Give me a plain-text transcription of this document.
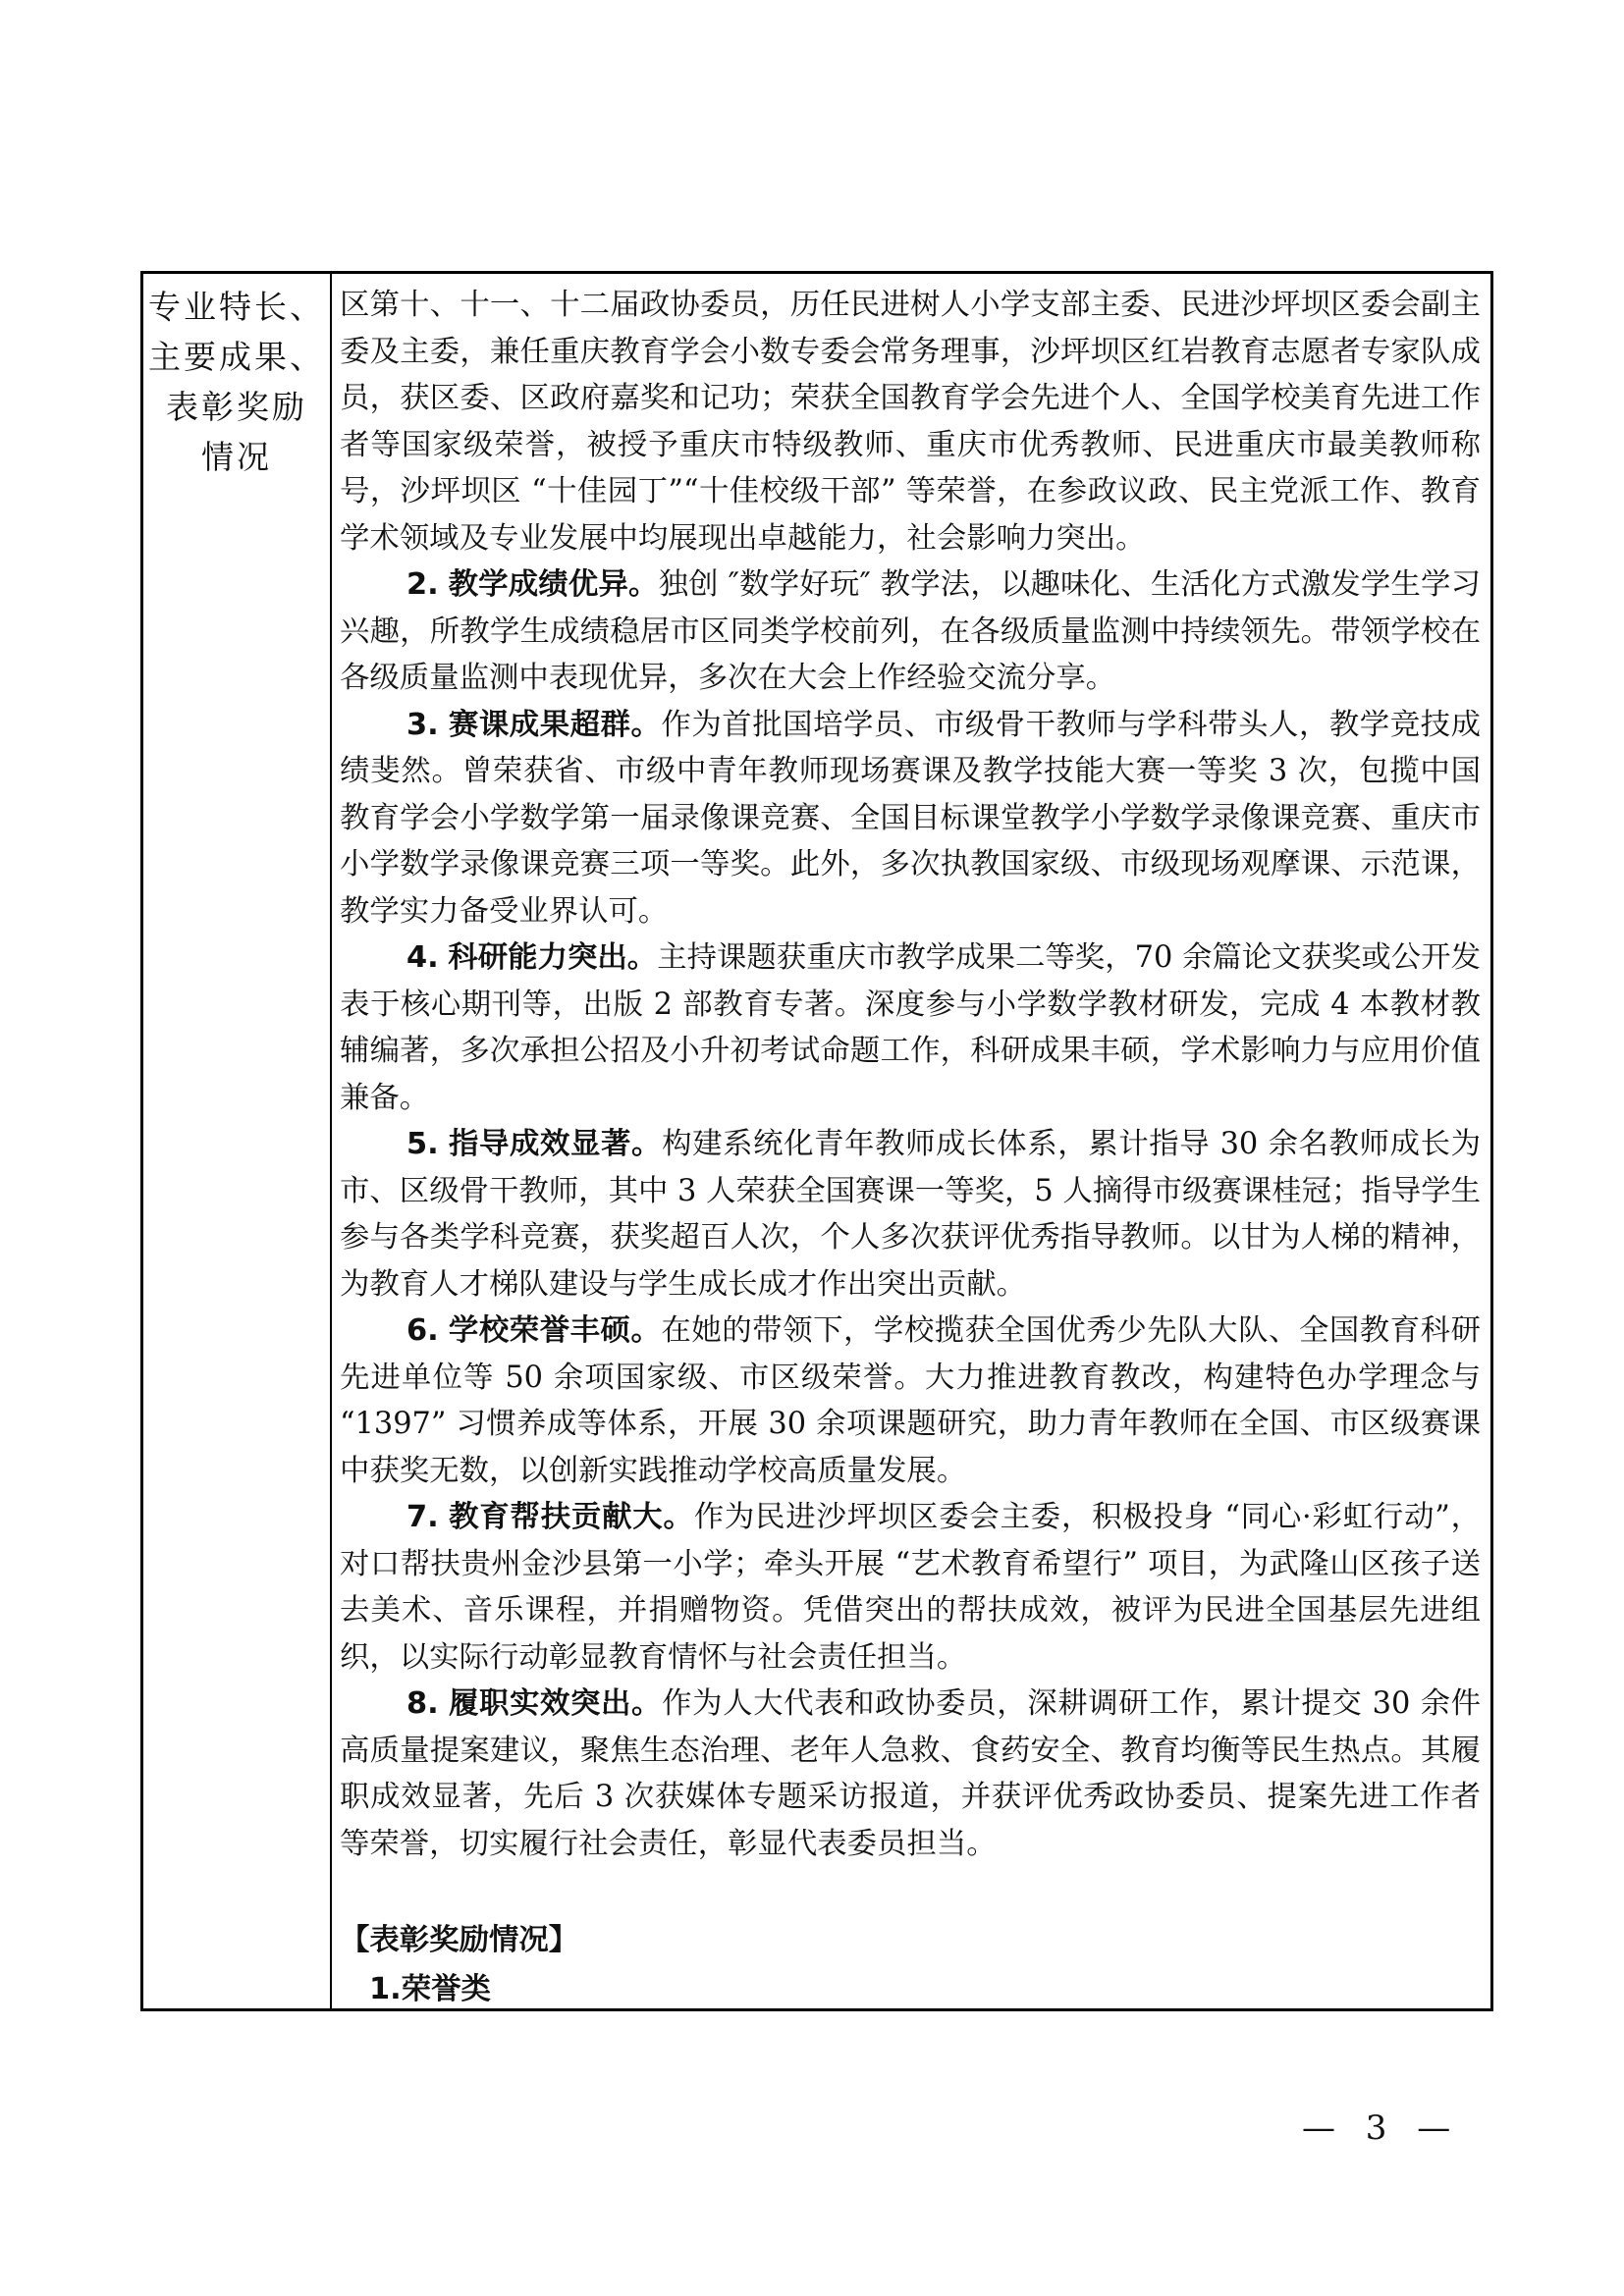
专业特长、
主要成果、
表彰奖励
情况

区第十、十一、十二届政协委员，历任民进树人小学支部主委、民进沙坪坝区委会副主委及主委，兼任重庆教育学会小数专委会常务理事，沙坪坝区红岩教育志愿者专家队成员，获区委、区政府嘉奖和记功；荣获全国教育学会先进个人、全国学校美育先进工作者等国家级荣誉，被授予重庆市特级教师、重庆市优秀教师、民进重庆市最美教师称号，沙坪坝区 “十佳园丁”“十佳校级干部” 等荣誉，在参政议政、民主党派工作、教育学术领域及专业发展中均展现出卓越能力，社会影响力突出。

2. 教学成绩优异。独创 ″数学好玩″ 教学法，以趣味化、生活化方式激发学生学习兴趣，所教学生成绩稳居市区同类学校前列，在各级质量监测中持续领先。带领学校在各级质量监测中表现优异，多次在大会上作经验交流分享。

3. 赛课成果超群。作为首批国培学员、市级骨干教师与学科带头人，教学竞技成绩斐然。曾荣获省、市级中青年教师现场赛课及教学技能大赛一等奖 3 次，包揽中国教育学会小学数学第一届录像课竞赛、全国目标课堂教学小学数学录像课竞赛、重庆市小学数学录像课竞赛三项一等奖。此外，多次执教国家级、市级现场观摩课、示范课，教学实力备受业界认可。

4. 科研能力突出。主持课题获重庆市教学成果二等奖，70 余篇论文获奖或公开发表于核心期刊等，出版 2 部教育专著。深度参与小学数学教材研发，完成 4 本教材教辅编著，多次承担公招及小升初考试命题工作，科研成果丰硕，学术影响力与应用价值兼备。

5. 指导成效显著。构建系统化青年教师成长体系，累计指导 30 余名教师成长为市、区级骨干教师，其中 3 人荣获全国赛课一等奖，5 人摘得市级赛课桂冠；指导学生参与各类学科竞赛，获奖超百人次，个人多次获评优秀指导教师。以甘为人梯的精神，为教育人才梯队建设与学生成长成才作出突出贡献。

6. 学校荣誉丰硕。在她的带领下，学校揽获全国优秀少先队大队、全国教育科研先进单位等 50 余项国家级、市区级荣誉。大力推进教育教改，构建特色办学理念与 “1397” 习惯养成等体系，开展 30 余项课题研究，助力青年教师在全国、市区级赛课中获奖无数，以创新实践推动学校高质量发展。

7. 教育帮扶贡献大。作为民进沙坪坝区委会主委，积极投身 “同心·彩虹行动”，对口帮扶贵州金沙县第一小学；牵头开展 “艺术教育希望行” 项目，为武隆山区孩子送去美术、音乐课程，并捐赠物资。凭借突出的帮扶成效，被评为民进全国基层先进组织，以实际行动彰显教育情怀与社会责任担当。

8. 履职实效突出。作为人大代表和政协委员，深耕调研工作，累计提交 30 余件高质量提案建议，聚焦生态治理、老年人急救、食药安全、教育均衡等民生热点。其履职成效显著，先后 3 次获媒体专题采访报道，并获评优秀政协委员、提案先进工作者等荣誉，切实履行社会责任，彰显代表委员担当。

【表彰奖励情况】

1.荣誉类

— 3 —
